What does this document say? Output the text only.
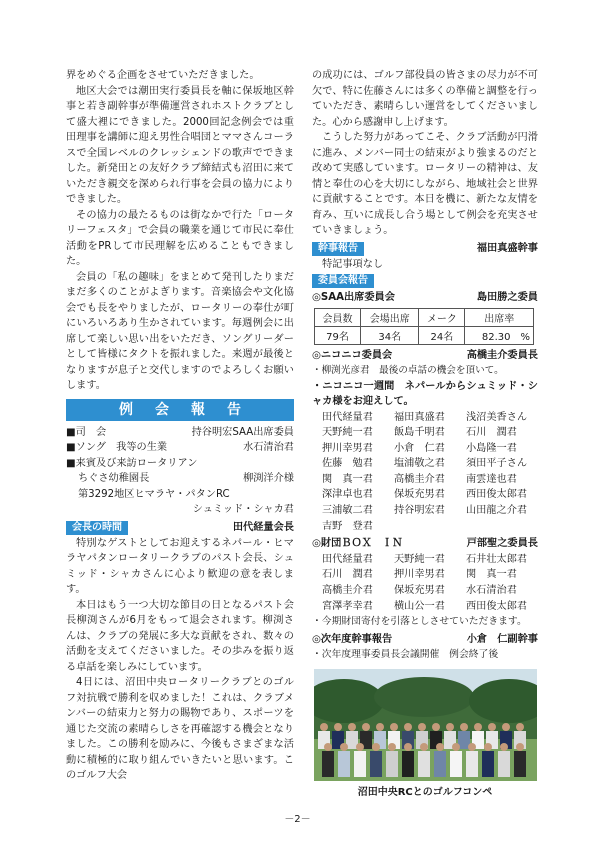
界をめぐる企画をさせていただきました。

地区大会では潮田実行委員長を軸に保坂地区幹事と若き副幹事が準備運営されホストクラブとして盛大裡にできました。2000回記念例会では重田理事を講師に迎え男性合唱団とママさんコーラスで全国レベルのクレッシェンドの歌声でできました。新発田との友好クラブ締結式も沼田に来ていただき親交を深められ行事を会員の協力によりできました。

その協力の最たるものは街なかで行た「ロータリーフェスタ」で会員の職業を通じて市民に奉仕活動をPRして市民理解を広めることもできました。

会員の「私の趣味」をまとめて発刊したりまだまだ多くのことがよぎります。音楽協会や文化協会でも長をやりましたが、ロータリーの奉仕が町にいろいろあり生かされています。毎週例会に出席して楽しい思い出をいただき、ソングリーダーとして皆様にタクトを振れました。来週が最後となりますが息子と交代しますのでよろしくお願いします。

例会報告
■司　会	持谷明宏SAA出席委員
■ソング　我等の生業	水石清治君
■来賓及び来訪ロータリアン
ちぐさ幼稚園長	柳渕洋介様
第3292地区ヒマラヤ・パタンRC
シュミッド・シャカ君
会長の時間	田代経量会長

特別なゲストとしてお迎えするネパール・ヒマラヤパタンロータリークラブのパスト会長、シュミッド・シャカさんに心より歓迎の意を表します。

本日はもう一つ大切な節目の日となるパスト会長柳渕さんが6月をもって退会されます。柳渕さんは、クラブの発展に多大な貢献をされ、数々の活動を支えてくださいました。その歩みを振り返る卓話を楽しみにしています。

4日には、沼田中央ロータリークラブとのゴルフ対抗戦で勝利を収めました！これは、クラブメンバーの結束力と努力の賜物であり、スポーツを通じた交流の素晴らしさを再確認する機会となりました。この勝利を励みに、今後もさまざまな活動に積極的に取り組んでいきたいと思います。このゴルフ大会

の成功には、ゴルフ部役員の皆さまの尽力が不可欠で、特に佐藤さんには多くの準備と調整を行っていただき、素晴らしい運営をしてくださいました。心から感謝申し上げます。

こうした努力があってこそ、クラブ活動が円滑に進み、メンバー同士の結束がより強まるのだと改めて実感しています。ロータリーの精神は、友情と奉仕の心を大切にしながら、地域社会と世界に貢献することです。本日を機に、新たな友情を育み、互いに成長し合う場として例会を充実させていきましょう。

幹事報告	福田真盛幹事

特記事項なし

委員会報告
◎SAA出席委員会	島田勝之委員
会員数	会場出席	メーク	出席率
79名	34名	24名	82.30　%
◎ニコニコ委員会	高橋圭介委員長

・柳渕光彦君　最後の卓話の機会を頂いて。

・ニコニコ一週間　ネパールからシュミッド・シャカ様をお迎えして。

田代経量君	福田真盛君	浅沼美香さん
天野純一君	飯島千明君	石川　潤君
押川幸男君	小倉　仁君	小島隆一君
佐藤　勉君	塩浦敬之君	須田平子さん
関　真一君	高橋圭介君	南雲達也君
深津卓也君	保坂充男君	西田俊太郎君
三浦敏二君	持谷明宏君	山田龍之介君
吉野　登君
◎財団ＢＯＸ　ＩＮ	戸部聖之委員長
田代経量君	天野純一君	石井壮太郎君
石川　潤君	押川幸男君	関　真一君
高橋圭介君	保坂充男君	水石清治君
宮澤孝幸君	横山公一君	西田俊太郎君

・今期財団寄付を引落としさせていただきます。

◎次年度幹事報告	小倉　仁副幹事

・次年度理事委員長会議開催　例会終了後

沼田中央RCとのゴルフコンペ
－2－
